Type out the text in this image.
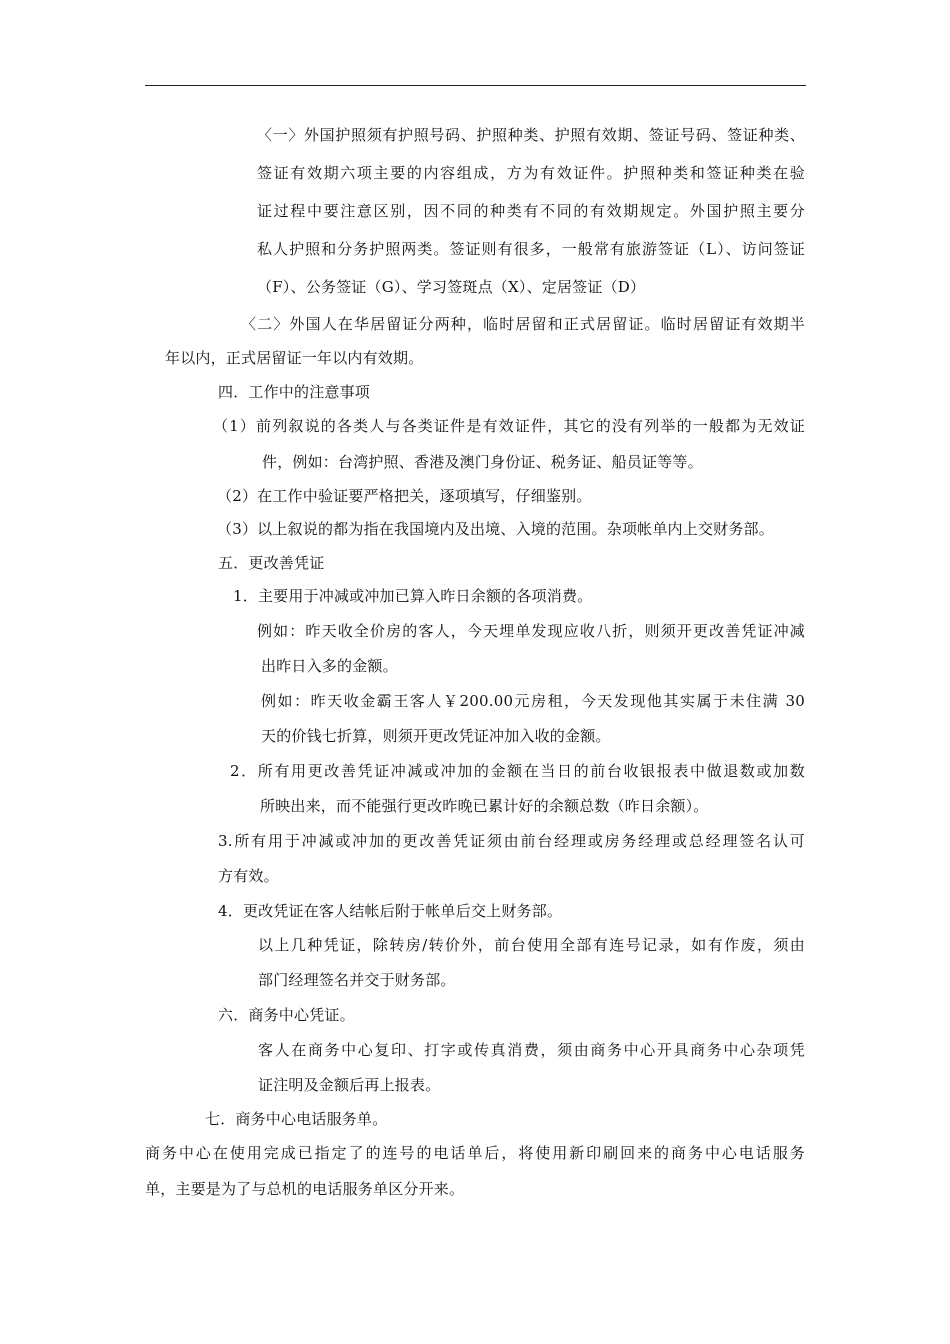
〈一〉外国护照须有护照号码、护照种类、护照有效期、签证号码、签证种类、
签证有效期六项主要的内容组成，方为有效证件。护照种类和签证种类在验
证过程中要注意区别，因不同的种类有不同的有效期规定。外国护照主要分
私人护照和分务护照两类。签证则有很多，一般常有旅游签证（L）、访问签证
（F）、公务签证（G）、学习签斑点（X）、定居签证（D）
〈二〉外国人在华居留证分两种，临时居留和正式居留证。临时居留证有效期半
年以内，正式居留证一年以内有效期。
四．工作中的注意事项
（1）前列叙说的各类人与各类证件是有效证件，其它的没有列举的一般都为无效证
件，例如：台湾护照、香港及澳门身份证、税务证、船员证等等。
（2）在工作中验证要严格把关，逐项填写，仔细鉴别。
（3）以上叙说的都为指在我国境内及出境、入境的范围。杂项帐单内上交财务部。
五．更改善凭证
1．主要用于冲减或冲加已算入昨日余额的各项消费。
例如：昨天收全价房的客人，今天埋单发现应收八折，则须开更改善凭证冲减
出昨日入多的金额。
例如：昨天收金霸王客人￥200.00元房租，今天发现他其实属于未住满 30
天的价钱七折算，则须开更改凭证冲加入收的金额。
2．所有用更改善凭证冲减或冲加的金额在当日的前台收银报表中做退数或加数
所映出来，而不能强行更改昨晚已累计好的余额总数（昨日余额）。
3.所有用于冲减或冲加的更改善凭证须由前台经理或房务经理或总经理签名认可
方有效。
4．更改凭证在客人结帐后附于帐单后交上财务部。
以上几种凭证，除转房/转价外，前台使用全部有连号记录，如有作废，须由
部门经理签名并交于财务部。
六．商务中心凭证。
客人在商务中心复印、打字或传真消费，须由商务中心开具商务中心杂项凭
证注明及金额后再上报表。
七．商务中心电话服务单。
商务中心在使用完成已指定了的连号的电话单后，将使用新印刷回来的商务中心电话服务
单，主要是为了与总机的电话服务单区分开来。
